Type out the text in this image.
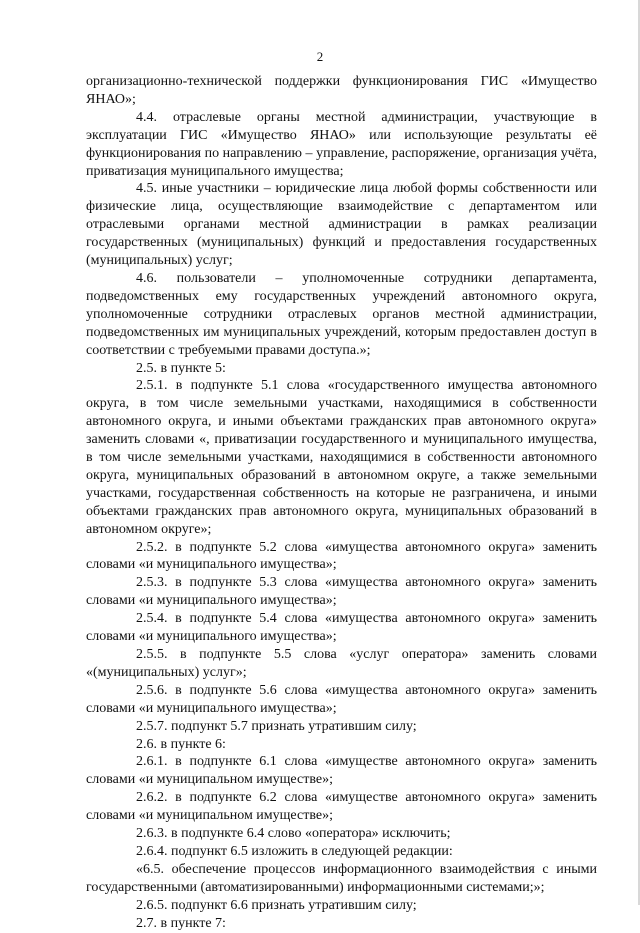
2

организационно-технической поддержки функционирования ГИС «Имущество ЯНАО»;

4.4. отраслевые органы местной администрации, участвующие в эксплуатации ГИС «Имущество ЯНАО» или использующие результаты её функционирования по направлению – управление, распоряжение, организация учёта, приватизация муниципального имущества;

4.5. иные участники – юридические лица любой формы собственности или физические лица, осуществляющие взаимодействие с департаментом или отраслевыми органами местной администрации в рамках реализации государственных (муниципальных) функций и предоставления государственных (муниципальных) услуг;

4.6. пользователи – уполномоченные сотрудники департамента, подведомственных ему государственных учреждений автономного округа, уполномоченные сотрудники отраслевых органов местной администрации, подведомственных им муниципальных учреждений, которым предоставлен доступ в соответствии с требуемыми правами доступа.»;

2.5. в пункте 5:

2.5.1. в подпункте 5.1 слова «государственного имущества автономного округа, в том числе земельными участками, находящимися в собственности автономного округа, и иными объектами гражданских прав автономного округа» заменить словами «, приватизации государственного и муниципального имущества, в том числе земельными участками, находящимися в собственности автономного округа, муниципальных образований в автономном округе, а также земельными участками, государственная собственность на которые не разграничена, и иными объектами гражданских прав автономного округа, муниципальных образований в автономном округе»;

2.5.2. в подпункте 5.2 слова «имущества автономного округа» заменить словами «и муниципального имущества»;

2.5.3. в подпункте 5.3 слова «имущества автономного округа» заменить словами «и муниципального имущества»;

2.5.4. в подпункте 5.4 слова «имущества автономного округа» заменить словами «и муниципального имущества»;

2.5.5. в подпункте 5.5 слова «услуг оператора» заменить словами «(муниципальных) услуг»;

2.5.6. в подпункте 5.6 слова «имущества автономного округа» заменить словами «и муниципального имущества»;

2.5.7. подпункт 5.7 признать утратившим силу;

2.6. в пункте 6:

2.6.1. в подпункте 6.1 слова «имуществе автономного округа» заменить словами «и муниципальном имуществе»;

2.6.2. в подпункте 6.2 слова «имуществе автономного округа» заменить словами «и муниципальном имуществе»;

2.6.3. в подпункте 6.4 слово «оператора» исключить;

2.6.4. подпункт 6.5 изложить в следующей редакции:

«6.5. обеспечение процессов информационного взаимодействия с иными государственными (автоматизированными) информационными системами;»;

2.6.5. подпункт 6.6 признать утратившим силу;

2.7. в пункте 7:
